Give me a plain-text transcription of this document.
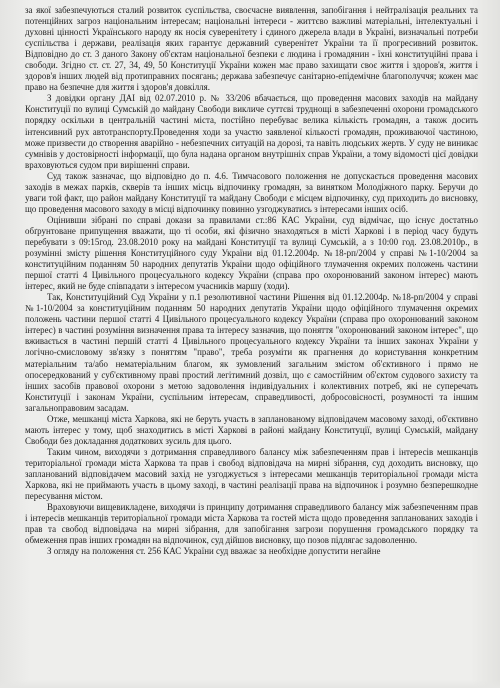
за якої забезпечуються сталий розвиток суспільства, своєчасне виявлення, запобігання і нейтралізація реальних та потенційних загроз національним інтересам; національні інтереси - життєво важливі матеріальні, інтелектуальні і духовні цінності Українського народу як носія суверенітету і єдиного джерела влади в Україні, визначальні потреби суспільства і держави, реалізація яких гарантує державний суверенітет України та її прогресивний розвиток. Відповідно до ст. 3 даного Закону об'єктам національної безпеки є людина і громадянин - їхні конституційні права і свободи. Згідно ст. ст. 27, 34, 49, 50 Конституції України кожен має право захищати своє життя і здоров'я, життя і здоров'я інших людей від протиправних посягань; держава забезпечує санітарно-епідемічне благополуччя; кожен має право на безпечне для життя і здоров'я довкілля.

З довідки органу ДАІ від 02.07.2010 р. № 33/206 вбачається, що проведення масових заходів на майдану Конституції по вулиці Сумській до майдану Свободи викличе суттєві труднощі в забезпеченні охорони громадського порядку оскільки в центральній частині міста, постійно перебуває велика кількість громадян, а також досить інтенсивний рух автотранспорту.Проведення ходи за участю заявленої кількості громадян, проживаючої частиною, може призвести до створення аварійно - небезпечних ситуацій на дорозі, та навіть людських жертв. У суду не виникає сумнівів у достовірності інформації, що була надана органом внутрішніх справ України, а тому відомості цієї довідки враховуються судом при вирішенні справи.

Суд також зазначає, що відповідно до п. 4.6. Тимчасового положення не допускається проведення масових заходів в межах парків, скверів та інших місць відпочинку громадян, за винятком Молодіжного парку. Беручи до уваги той факт, що район майдану Конституції та майдану Свободи є місцем відпочинку, суд приходить до висновку, що проведення масового заходу в місці відпочинку повинно узгоджуватись з інтересами інших осіб.

Оцінивши зібрані по справі докази за правилами ст.:86 КАС України, суд відмічає, що існує достатньо обґрунтоване припущення вважати, що ті особи, які фізично знаходяться в місті Харкові і в період часу будуть перебувати з 09:15год. 23.08.2010 року на майдані Конституції та вулиці Сумській, а з 10:00 год. 23.08.2010р., в розумінні змісту рішення Конституційного суду України від 01.12.2004р. №18-рп/2004 у справі №1-10/2004 за конституційним поданням 50 народних депутатів України щодо офіційного тлумачення окремих положень частини першої статті 4 Цивільного процесуального кодексу України (справа про охоронюваний законом інтерес) мають інтерес, який не буде співпадати з інтересом учасників маршу (ходи).

Так, Конституційний Суд України у п.1 резолютивної частини Рішення від 01.12.2004р. №18-рп/2004 у справі №1-10/2004 за конституційним поданням 50 народних депутатів України щодо офіційного тлумачення окремих положень частини першої статті 4 Цивільного процесуального кодексу України (справа про охоронюваний законом інтерес) в частині розуміння визначення права та інтересу зазначив, що поняття "охоронюваний законом інтерес", що вживається в частині першій статті 4 Цивільного процесуального кодексу України та інших законах України у логічно-смисловому зв'язку з поняттям "право", треба розуміти як прагнення до користування конкретним матеріальним та/або нематеріальним благом, як зумовлений загальним змістом об'єктивного і прямо не опосередкований у суб'єктивному праві простий легітимний дозвіл, що є самостійним об'єктом судового захисту та інших засобів правової охорони з метою задоволення індивідуальних і колективних потреб, які не суперечать Конституції і законам України, суспільним інтересам, справедливості, добросовісності, розумності та іншим загальноправовим засадам.

Отже, мешканці міста Харкова, які не беруть участь в запланованому відповідачем масовому заході, об'єктивно мають інтерес у тому, щоб знаходитись в місті Харкові в районі майдану Конституції, вулиці Сумській, майдану Свободи без докладання додаткових зусиль для цього.

Таким чином, виходячи з дотримання справедливого балансу між забезпеченням прав і інтересів мешканців територіальної громади міста Харкова та прав і свобод відповідача на мирні зібрання, суд доходить висновку, що запланований відповідачем масовий захід не узгоджується з інтересами мешканців територіальної громади міста Харкова, які не приймають участь в цьому заході, в частині реалізації права на відпочинок і розумно безперешкодне пересування містом.

Враховуючи вищевикладене, виходячи із принципу дотримання справедливого балансу між забезпеченням прав і інтересів мешканців територіальної громади міста Харкова та гостей міста щодо проведення запланованих заходів і прав та свобод відповідача на мирні зібрання, для запобігання загрози порушення громадського порядку та обмеження прав інших громадян на відпочинок, суд дійшов висновку, що позов підлягає задоволенню.

З огляду на положення ст. 256 КАС України суд вважає за необхідне допустити негайне
